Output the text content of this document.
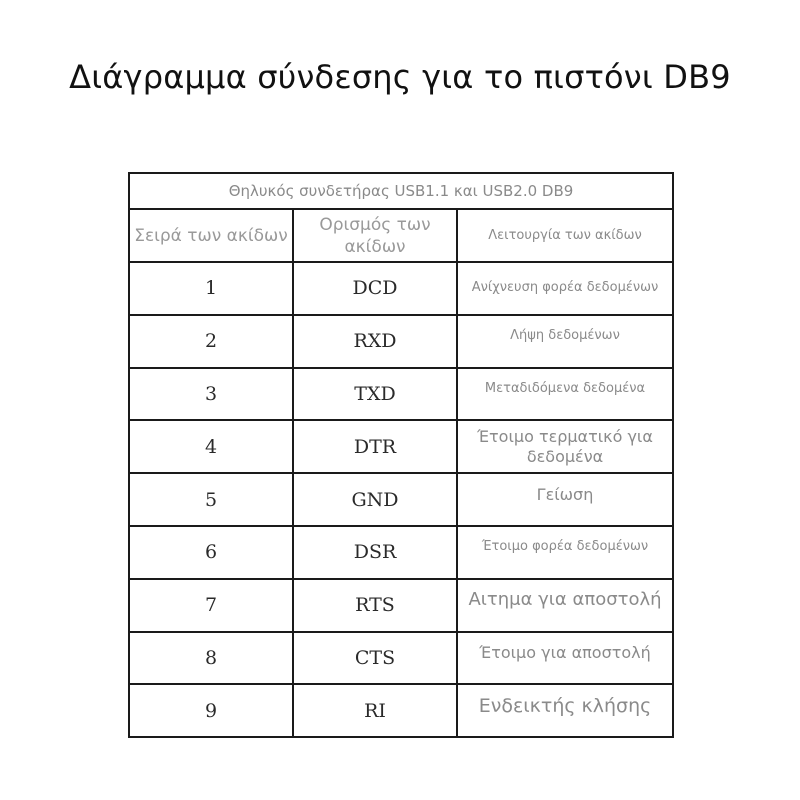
Διάγραμμα σύνδεσης για το πιστόνι DB9
Θηλυκός συνδετήρας USB1.1 και USB2.0 DB9		
Σειρά των ακίδων	Ορισμός των ακίδων	Λειτουργία των ακίδων
1	DCD	Ανίχνευση φορέα δεδομένων
2	RXD	Λήψη δεδομένων
3	TXD	Μεταδιδόμενα δεδομένα
4	DTR	Έτοιμο τερματικό για δεδομένα
5	GND	Γείωση
6	DSR	Έτοιμο φορέα δεδομένων
7	RTS	Αιτημα για αποστολή
8	CTS	Έτοιμο για αποστολή
9	RI	Ενδεικτής κλήσης
